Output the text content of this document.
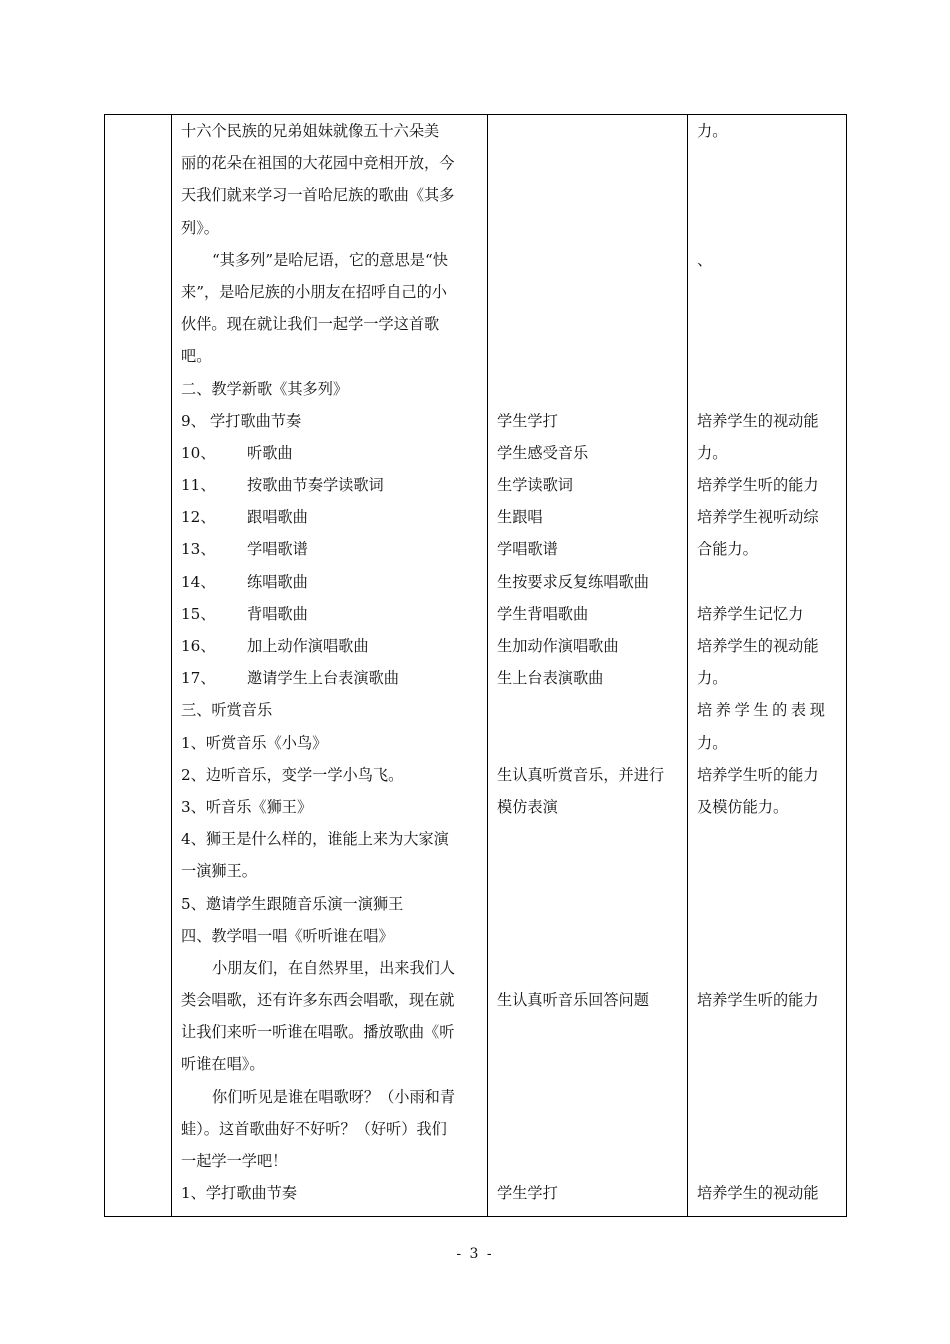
十六个民族的兄弟姐妹就像五十六朵美
丽的花朵在祖国的大花园中竞相开放，今
天我们就来学习一首哈尼族的歌曲《其多
列》。
“其多列”是哈尼语，它的意思是“快
来”，是哈尼族的小朋友在招呼自己的小
伙伴。现在就让我们一起学一学这首歌
吧。
二、教学新歌《其多列》
9、 学打歌曲节奏
10、 听歌曲
11、 按歌曲节奏学读歌词
12、 跟唱歌曲
13、 学唱歌谱
14、 练唱歌曲
15、 背唱歌曲
16、 加上动作演唱歌曲
17、 邀请学生上台表演歌曲
三、听赏音乐
1、听赏音乐《小鸟》
2、边听音乐，变学一学小鸟飞。
3、听音乐《狮王》
4、狮王是什么样的，谁能上来为大家演
一演狮王。
5、邀请学生跟随音乐演一演狮王
四、教学唱一唱《听听谁在唱》
小朋友们，在自然界里，出来我们人
类会唱歌，还有许多东西会唱歌，现在就
让我们来听一听谁在唱歌。播放歌曲《听
听谁在唱》。
你们听见是谁在唱歌呀？（小雨和青
蛙）。这首歌曲好不好听？（好听）我们
一起学一学吧！
1、学打歌曲节奏
学生学打
学生感受音乐
生学读歌词
生跟唱
学唱歌谱
生按要求反复练唱歌曲
学生背唱歌曲
生加动作演唱歌曲
生上台表演歌曲
生认真听赏音乐，并进行
模仿表演
生认真听音乐回答问题
学生学打
力。
、
培养学生的视动能
力。
培养学生听的能力
培养学生视听动综
合能力。
培养学生记忆力
培养学生的视动能
力。
培养学生的表现
力。
培养学生听的能力
及模仿能力。
培养学生听的能力
培养学生的视动能
- 3 -
